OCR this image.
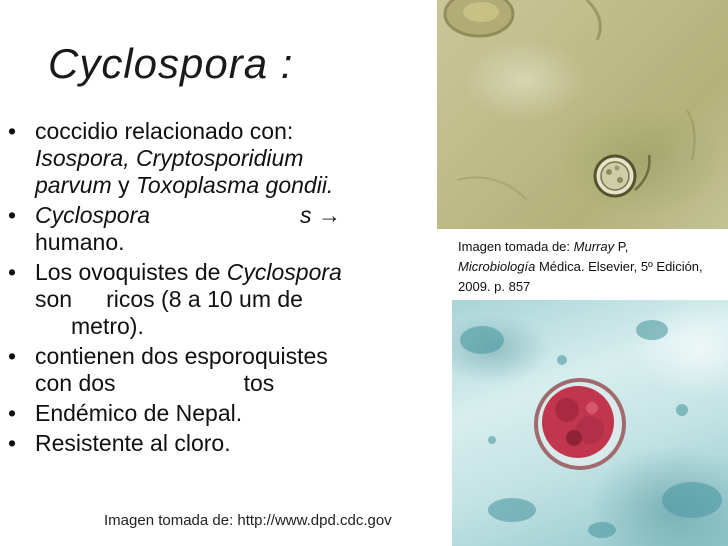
Cyclospora :
• coccidio relacionado con:
Isospora, Cryptosporidium
parvum y Toxoplasma gondii.
• Cyclospora	s →
humano.
• Los ovoquistes de Cyclospora
son ricos (8 a 10 um de
metro).
• contienen dos esporoquistes
con dos	tos
• Endémico de Nepal.
• Resistente al cloro.
Imagen tomada de: http://www.dpd.cdc.gov
Imagen tomada de: Murray P,
Microbiología Médica. Elsevier, 5º Edición, 2009. p. 857
